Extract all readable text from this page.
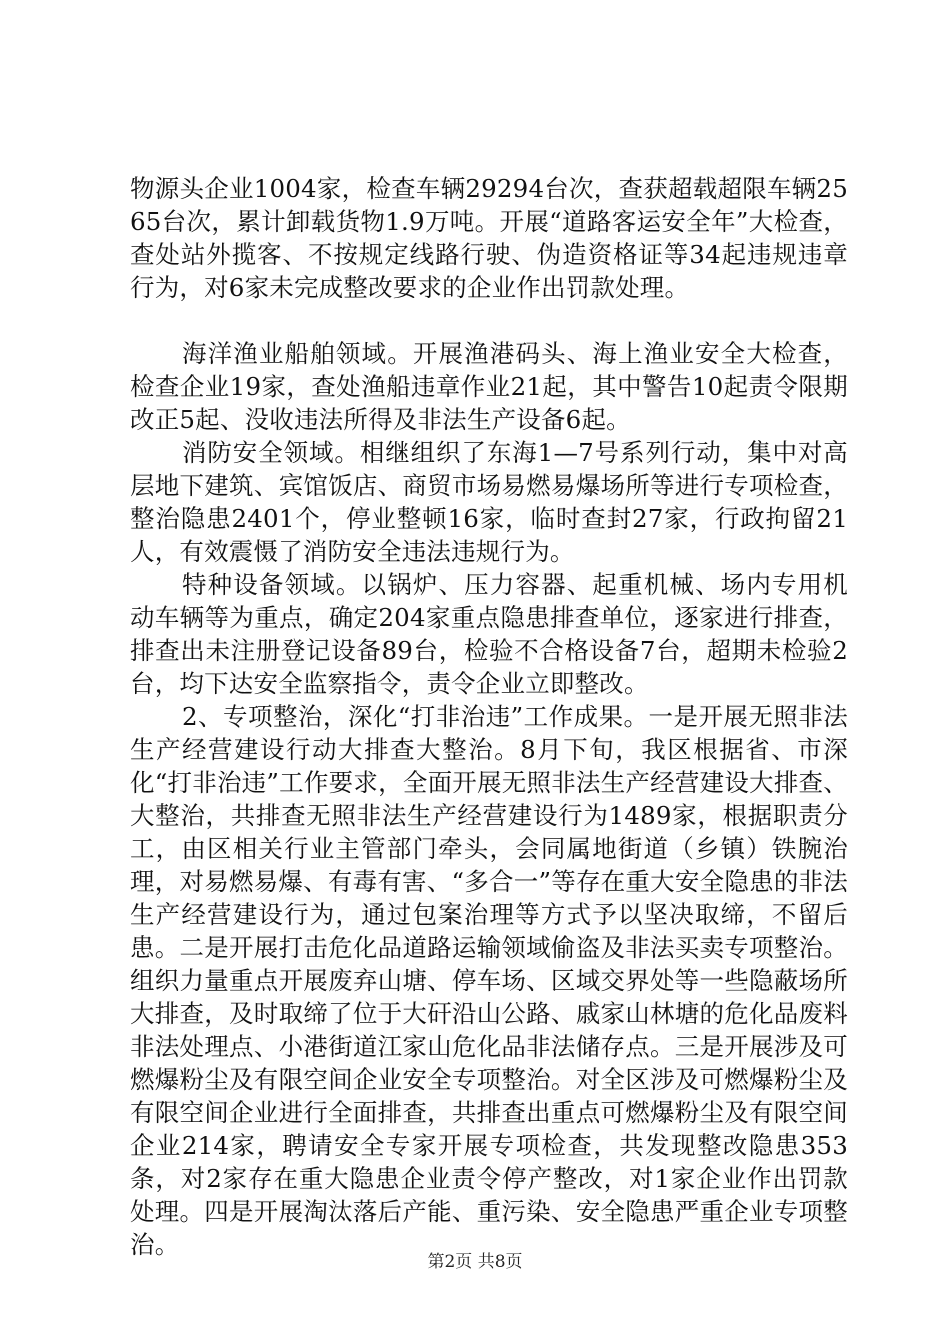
物源头企业1004家，检查车辆29294台次，查获超载超限车辆2565台次，累计卸载货物1.9万吨。开展“道路客运安全年”大检查，查处站外揽客、不按规定线路行驶、伪造资格证等34起违规违章行为，对6家未完成整改要求的企业作出罚款处理。

海洋渔业船舶领域。开展渔港码头、海上渔业安全大检查，检查企业19家，查处渔船违章作业21起，其中警告10起责令限期改正5起、没收违法所得及非法生产设备6起。

消防安全领域。相继组织了东海1—7号系列行动，集中对高层地下建筑、宾馆饭店、商贸市场易燃易爆场所等进行专项检查，整治隐患2401个，停业整顿16家，临时查封27家，行政拘留21人，有效震慑了消防安全违法违规行为。

特种设备领域。以锅炉、压力容器、起重机械、场内专用机动车辆等为重点，确定204家重点隐患排查单位，逐家进行排查，排查出未注册登记设备89台，检验不合格设备7台，超期未检验2台，均下达安全监察指令，责令企业立即整改。

2、专项整治，深化“打非治违”工作成果。一是开展无照非法生产经营建设行动大排查大整治。8月下旬，我区根据省、市深化“打非治违”工作要求，全面开展无照非法生产经营建设大排查、大整治，共排查无照非法生产经营建设行为1489家，根据职责分工，由区相关行业主管部门牵头，会同属地街道（乡镇）铁腕治理，对易燃易爆、有毒有害、“多合一”等存在重大安全隐患的非法生产经营建设行为，通过包案治理等方式予以坚决取缔，不留后患。二是开展打击危化品道路运输领域偷盗及非法买卖专项整治。组织力量重点开展废弃山塘、停车场、区域交界处等一些隐蔽场所大排查，及时取缔了位于大矸沿山公路、戚家山林塘的危化品废料非法处理点、小港街道江家山危化品非法储存点。三是开展涉及可燃爆粉尘及有限空间企业安全专项整治。对全区涉及可燃爆粉尘及有限空间企业进行全面排查，共排查出重点可燃爆粉尘及有限空间企业214家，聘请安全专家开展专项检查，共发现整改隐患353条，对2家存在重大隐患企业责令停产整改，对1家企业作出罚款处理。四是开展淘汰落后产能、重污染、安全隐患严重企业专项整治。

第2页 共8页
